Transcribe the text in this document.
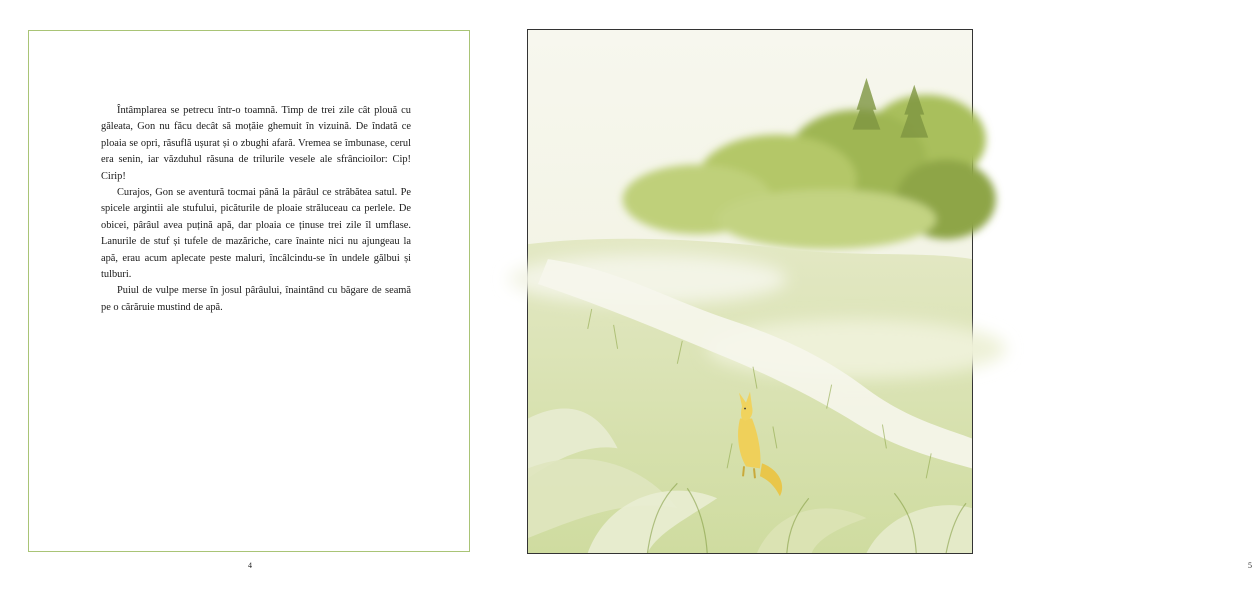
Întâmplarea se petrecu într-o toamnă. Timp de trei zile cât plouă cu găleata, Gon nu făcu decât să moțăie ghemuit în vizuină. De îndată ce ploaia se opri, răsuflă ușurat și o zbughi afară. Vremea se îmbunase, cerul era senin, iar văzduhul răsuna de trilurile vesele ale sfrâncioilor: Cip! Cirip!

Curajos, Gon se aventură tocmai până la pârâul ce străbătea satul. Pe spicele argintii ale stufului, picăturile de ploaie străluceau ca perlele. De obicei, pârâul avea puțină apă, dar ploaia ce ținuse trei zile îl umflase. Lanurile de stuf și tufele de mazăriche, care înainte nici nu ajungeau la apă, erau acum aplecate peste maluri, încâlcindu-se în undele gălbui și tulburi.

Puiul de vulpe merse în josul pârâului, înaintând cu băgare de seamă pe o cărăruie mustind de apă.

4	5
